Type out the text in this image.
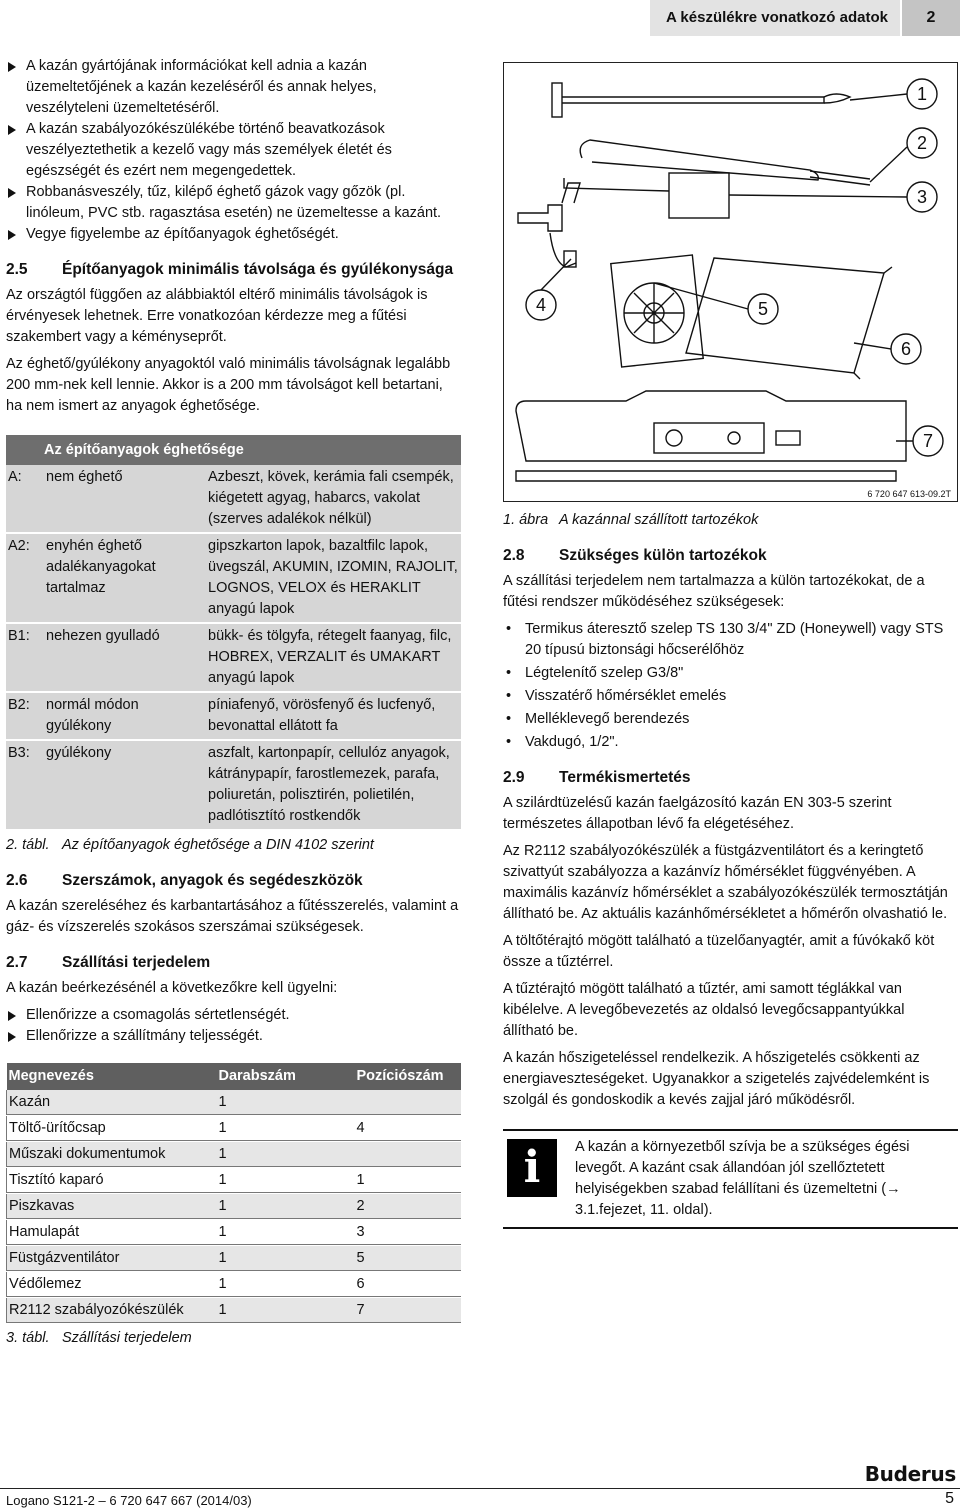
A készülékre vonatkozó adatok	2
A kazán gyártójának információkat kell adnia a kazán üzemeltetőjének a kazán kezeléséről és annak helyes, veszélyteleni üzemeltetéséről.
A kazán szabályozókészülékébe történő beavatkozások veszélyeztethetik a kezelő vagy más személyek életét és egészségét és ezért nem megengedettek.
Robbanásveszély, tűz, kilépő éghető gázok vagy gőzök (pl. linóleum, PVC stb. ragasztása esetén) ne üzemeltesse a kazánt.
Vegye figyelembe az építőanyagok éghetőségét.
2.5 Építőanyagok minimális távolsága és gyúlékonysága

Az országtól függően az alábbiaktól eltérő minimális távolságok is érvényesek lehetnek. Erre vonatkozóan kérdezze meg a fűtési szakembert vagy a kéményseprőt.

Az éghető/gyúlékony anyagoktól való minimális távolságnak legalább 200 mm-nek kell lennie. Akkor is a 200 mm távolságot kell betartani, ha nem ismert az anyagok éghetősége.

Az építőanyagok éghetősége		
A:	nem éghető	Azbeszt, kövek, kerámia fali csempék, kiégetett agyag, habarcs, vakolat (szerves adalékok nélkül)
A2:	enyhén éghető adalékanyagokat tartalmaz	gipszkarton lapok, bazaltfilc lapok, üvegszál, AKUMIN, IZOMIN, RAJOLIT, LOGNOS, VELOX és HERAKLIT anyagú lapok
B1:	nehezen gyulladó	bükk- és tölgyfa, rétegelt faanyag, filc, HOBREX, VERZALIT és UMAKART anyagú lapok
B2:	normál módon gyúlékony	píniafenyő, vörösfenyő és lucfenyő, bevonattal ellátott fa
B3:	gyúlékony	aszfalt, kartonpapír, cellulóz anyagok, kátránypapír, farostlemezek, parafa, poliuretán, polisztirén, polietilén, padlótisztító rostkendők
2. tábl. Az építőanyagok éghetősége a DIN 4102 szerint
2.6 Szerszámok, anyagok és segédeszközök

A kazán szereléséhez és karbantartásához a fűtésszerelés, valamint a gáz- és vízszerelés szokásos szerszámai szükségesek.

2.7 Szállítási terjedelem

A kazán beérkezésénél a következőkre kell ügyelni:

Ellenőrizze a csomagolás sértetlenségét.
Ellenőrizze a szállítmány teljességét.
Megnevezés	Darabszám	Pozíciószám
Kazán	1	
Töltő-ürítőcsap	1	4
Műszaki dokumentumok	1	
Tisztító kaparó	1	1
Piszkavas	1	2
Hamulapát	1	3
Füstgázventilátor	1	5
Védőlemez	1	6
R2112 szabályozókészülék	1	7
3. tábl. Szállítási terjedelem
1
2
3
4	5
6
7
6 720 647 613-09.2T
1. ábra A kazánnal szállított tartozékok
2.8 Szükséges külön tartozékok

A szállítási terjedelem nem tartalmazza a külön tartozékokat, de a fűtési rendszer működéséhez szükségesek:

• Termikus áteresztő szelep TS 130 3/4" ZD (Honeywell) vagy STS 20 típusú biztonsági hőcserélőhöz
• Légtelenítő szelep G3/8"
• Visszatérő hőmérséklet emelés
• Melléklevegő berendezés
• Vakdugó, 1/2".
2.9 Termékismertetés

A szilárdtüzelésű kazán faelgázosító kazán EN 303-5 szerint természetes állapotban lévő fa elégetéséhez.

Az R2112 szabályozókészülék a füstgázventilátort és a keringtető szivattyút szabályozza a kazánvíz hőmérséklet függvényében. A maximális kazánvíz hőmérséklet a szabályozókészülék termosztátján állítható be. Az aktuális kazánhőmérsékletet a hőmérőn olvashatió le.

A töltőtérajtó mögött található a tüzelőanyagtér, amit a fúvókakő köt össze a tűztérrel.

A tűztérajtó mögött található a tűztér, ami samott téglákkal van kibélelve. A levegőbevezetés az oldalsó levegőcsappantyúkkal állítható be.

A kazán hőszigeteléssel rendelkezik. A hőszigetelés csökkenti az energiaveszteségeket. Ugyanakkor a szigetelés zajvédelemként is szolgál és gondoskodik a kevés zajjal járó működésről.

i	A kazán a környezetből szívja be a szükséges égési levegőt. A kazánt csak állandóan jól szellőztetett helyiségekben szabad felállítani és üzemeltetni (→ 3.1.fejezet, 11. oldal).
Buderus
Logano S121-2 – 6 720 647 667 (2014/03)	5
